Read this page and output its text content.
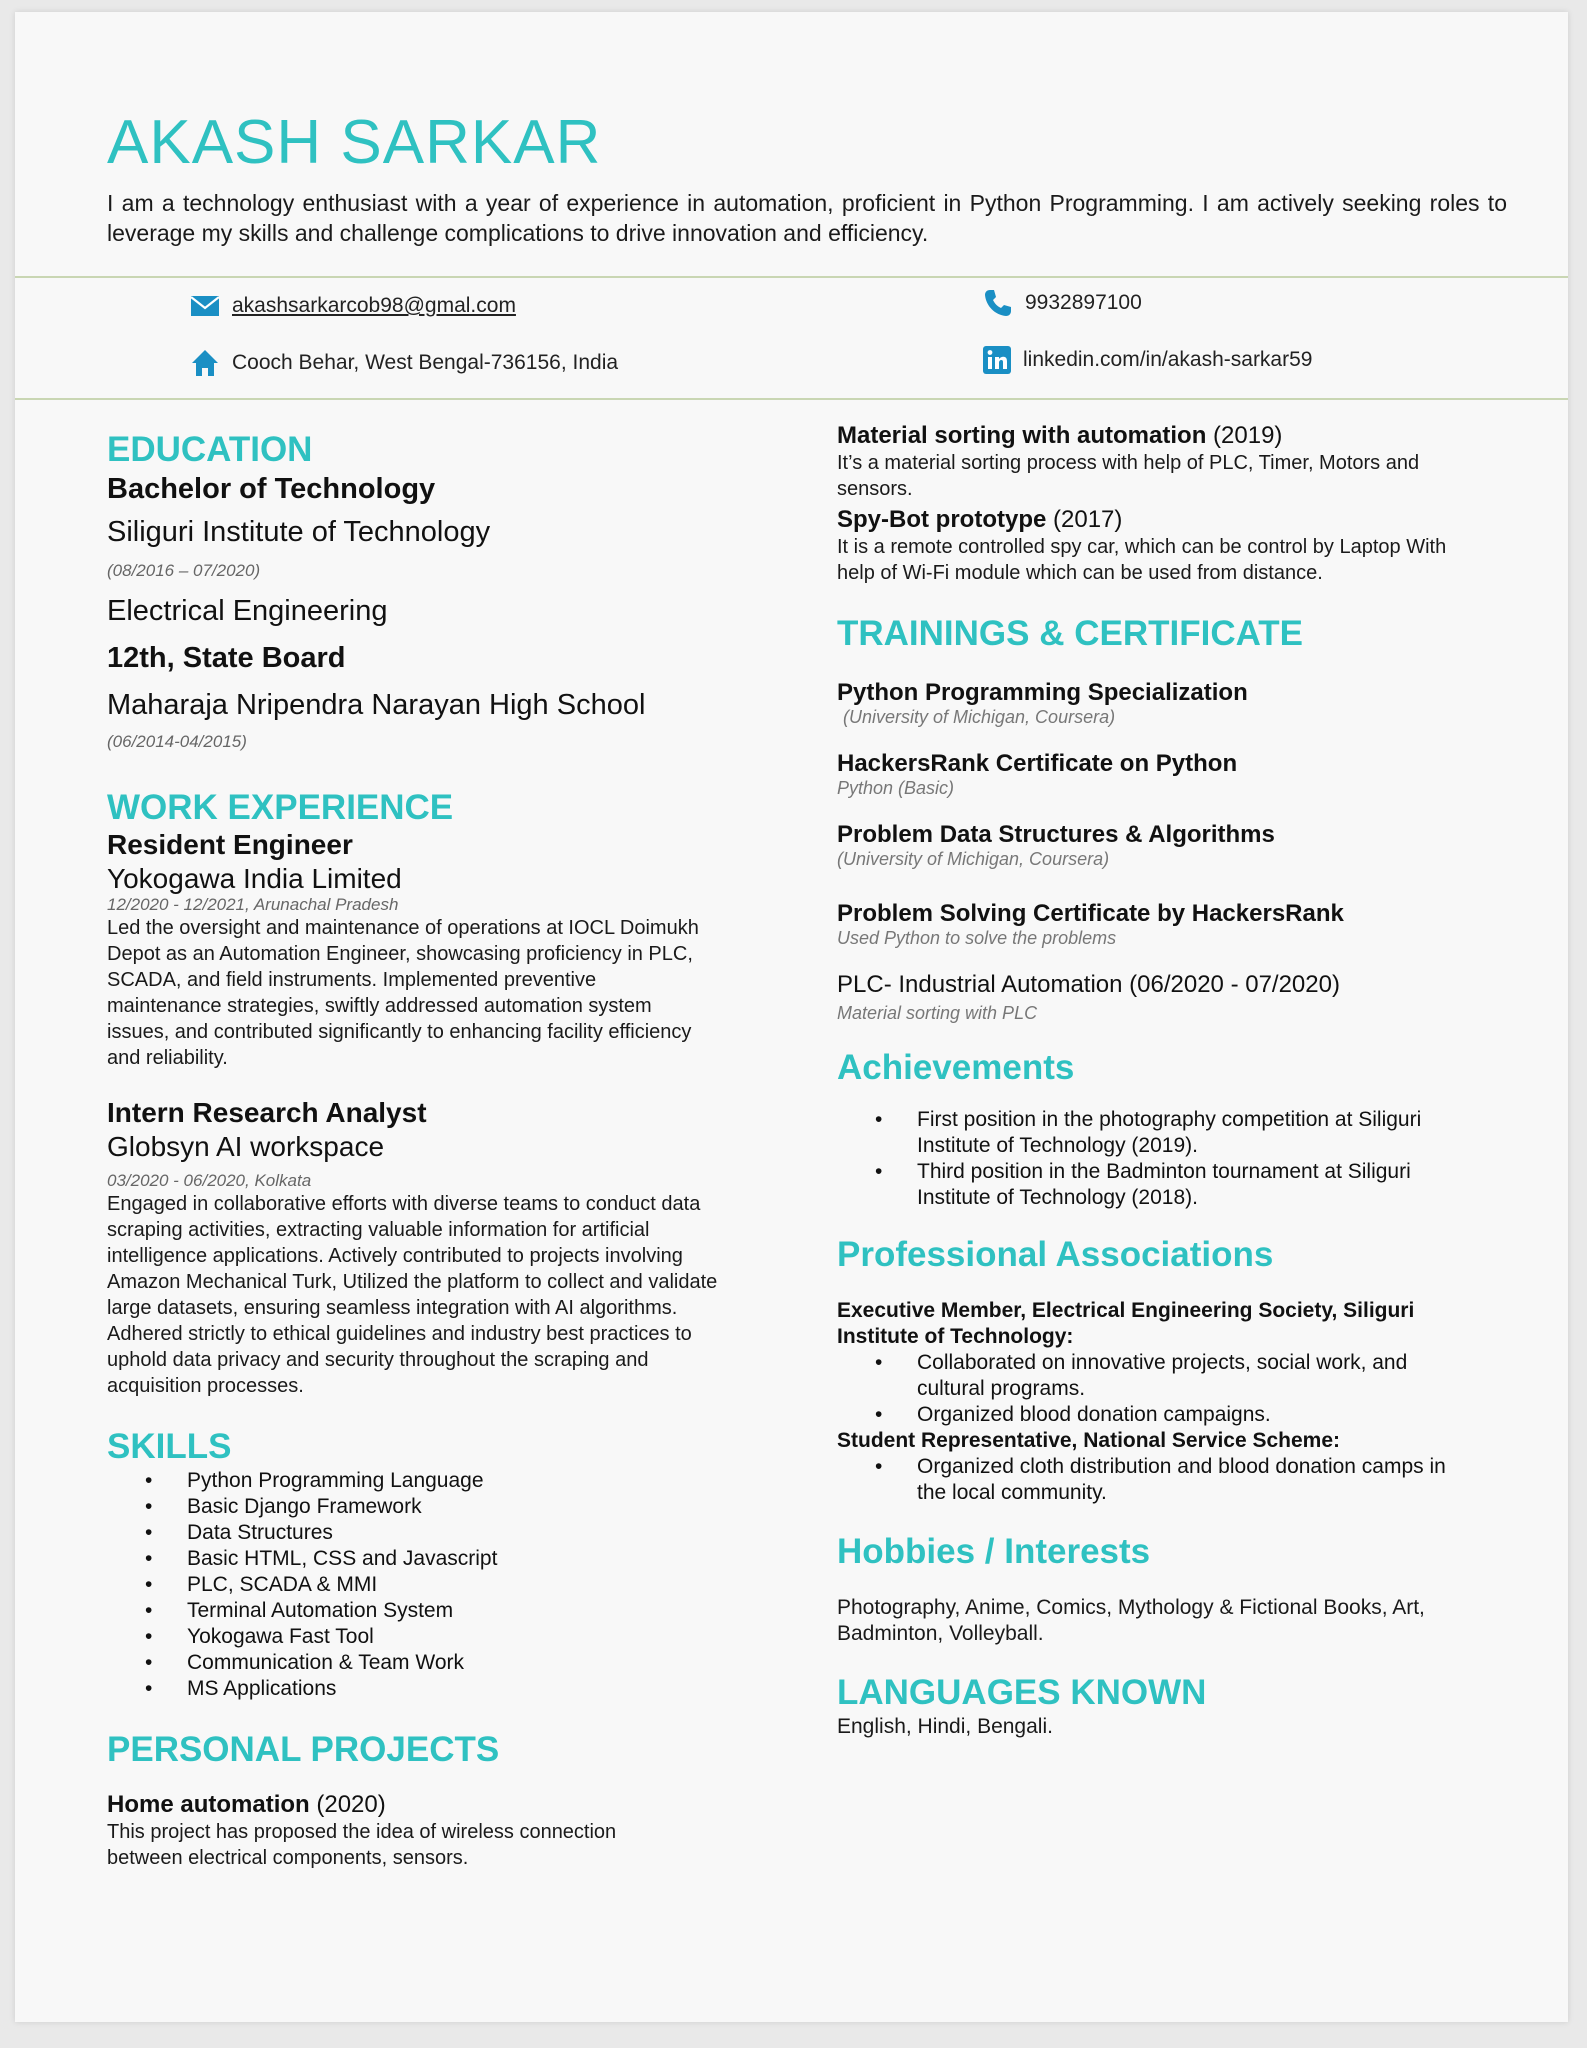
AKASH SARKAR
I am a technology enthusiast with a year of experience in automation, proficient in Python Programming. I am actively seeking roles to leverage my skills and challenge complications to drive innovation and efficiency.
akashsarkarcob98@gmal.com	9932897100
Cooch Behar, West Bengal-736156, India	linkedin.com/in/akash-sarkar59
EDUCATION
Bachelor of Technology
Siliguri Institute of Technology
(08/2016 – 07/2020)
Electrical Engineering
12th, State Board
Maharaja Nripendra Narayan High School
(06/2014-04/2015)
WORK EXPERIENCE
Resident Engineer
Yokogawa India Limited
12/2020 - 12/2021, Arunachal Pradesh
Led the oversight and maintenance of operations at IOCL Doimukh Depot as an Automation Engineer, showcasing proficiency in PLC, SCADA, and field instruments. Implemented preventive maintenance strategies, swiftly addressed automation system issues, and contributed significantly to enhancing facility efficiency and reliability.
Intern Research Analyst
Globsyn AI workspace
03/2020 - 06/2020, Kolkata
Engaged in collaborative efforts with diverse teams to conduct data scraping activities, extracting valuable information for artificial intelligence applications. Actively contributed to projects involving Amazon Mechanical Turk, Utilized the platform to collect and validate large datasets, ensuring seamless integration with AI algorithms. Adhered strictly to ethical guidelines and industry best practices to uphold data privacy and security throughout the scraping and acquisition processes.
SKILLS
• Python Programming Language
• Basic Django Framework
• Data Structures
• Basic HTML, CSS and Javascript
• PLC, SCADA & MMI
• Terminal Automation System
• Yokogawa Fast Tool
• Communication & Team Work
• MS Applications
PERSONAL PROJECTS
Home automation (2020)
This project has proposed the idea of wireless connection between electrical components, sensors.
Material sorting with automation (2019)
It’s a material sorting process with help of PLC, Timer, Motors and sensors.
Spy-Bot prototype (2017)
It is a remote controlled spy car, which can be control by Laptop With help of Wi-Fi module which can be used from distance.
TRAININGS & CERTIFICATE
Python Programming Specialization
(University of Michigan, Coursera)
HackersRank Certificate on Python
Python (Basic)
Problem Data Structures & Algorithms
(University of Michigan, Coursera)
Problem Solving Certificate by HackersRank
Used Python to solve the problems
PLC- Industrial Automation (06/2020 - 07/2020)
Material sorting with PLC
Achievements
• First position in the photography competition at Siliguri Institute of Technology (2019).
• Third position in the Badminton tournament at Siliguri Institute of Technology (2018).
Professional Associations
Executive Member, Electrical Engineering Society, Siliguri Institute of Technology:
• Collaborated on innovative projects, social work, and cultural programs.
• Organized blood donation campaigns.
Student Representative, National Service Scheme:
• Organized cloth distribution and blood donation camps in the local community.
Hobbies / Interests
Photography, Anime, Comics, Mythology & Fictional Books, Art, Badminton, Volleyball.
LANGUAGES KNOWN
English, Hindi, Bengali.
